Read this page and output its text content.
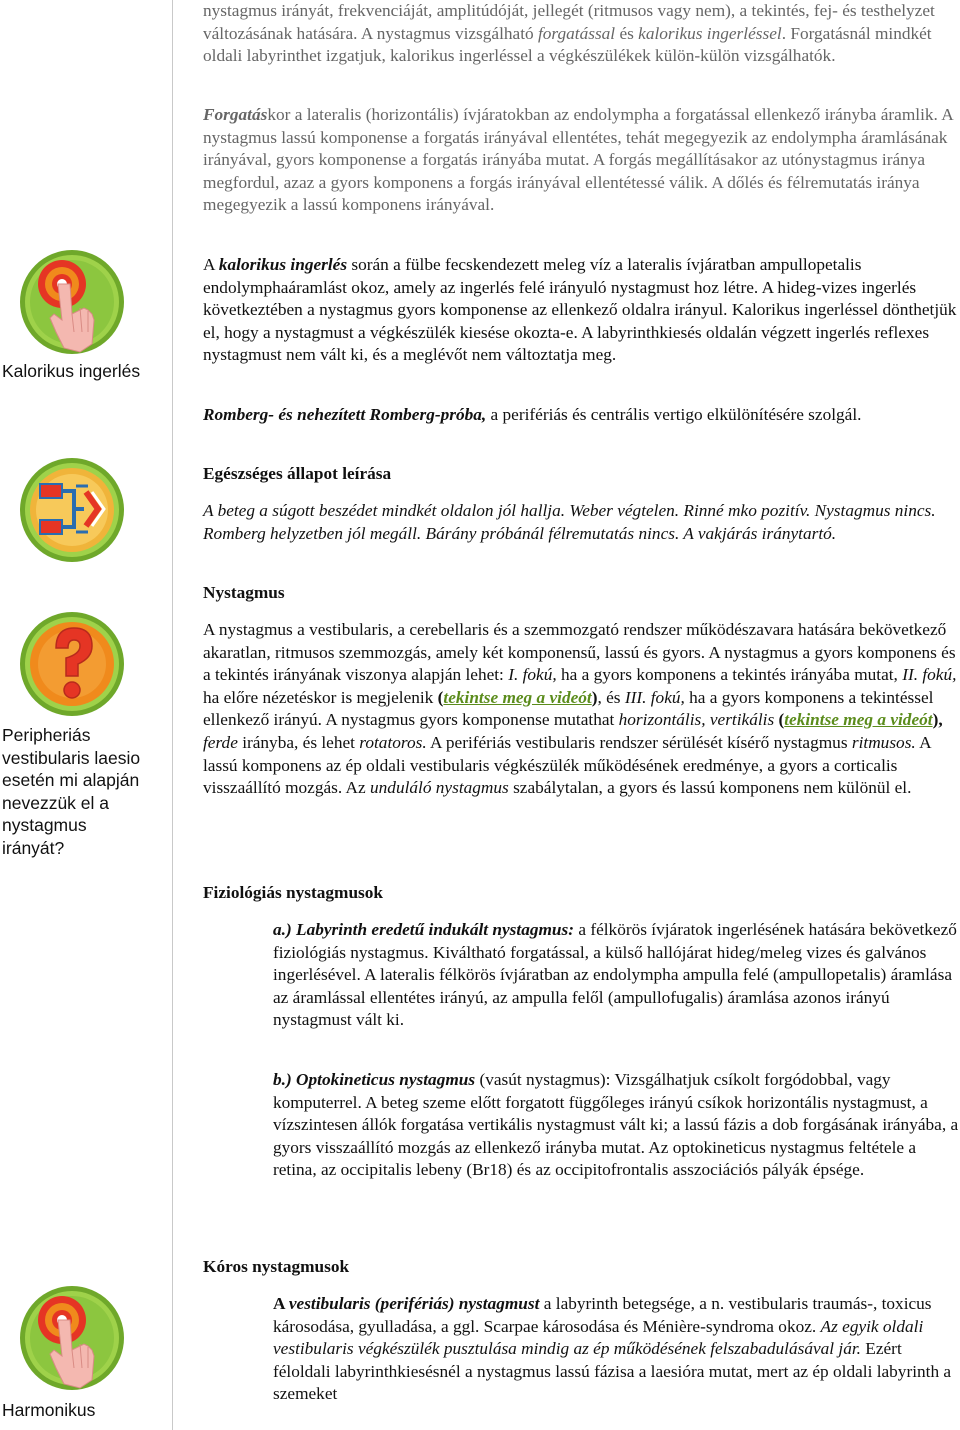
Kalorikus ingerlés
Peripheriás vestibularis laesio esetén mi alapján nevezzük el a nystagmus irányát?
Harmonikus

nystagmus irányát, frekvenciáját, amplitúdóját, jellegét (ritmusos vagy nem), a tekintés, fej- és testhelyzet változásának hatására. A nystagmus vizsgálható forgatással és kalorikus ingerléssel. Forgatásnál mindkét oldali labyrinthet izgatjuk, kalorikus ingerléssel a végkészülékek külön-külön vizsgálhatók.

Forgatáskor a lateralis (horizontális) ívjáratokban az endolympha a forgatással ellenkező irányba áramlik. A nystagmus lassú komponense a forgatás irányával ellentétes, tehát megegyezik az endolympha áramlásának irányával, gyors komponense a forgatás irányába mutat. A forgás megállításakor az utónystagmus iránya megfordul, azaz a gyors komponens a forgás irányával ellentétessé válik. A dőlés és félremutatás iránya megegyezik a lassú komponens irányával.

A kalorikus ingerlés során a fülbe fecskendezett meleg víz a lateralis ívjáratban ampullopetalis endolymphaáramlást okoz, amely az ingerlés felé irányuló nystagmust hoz létre. A hideg-vizes ingerlés következtében a nystagmus gyors komponense az ellenkező oldalra irányul. Kalorikus ingerléssel dönthetjük el, hogy a nystagmust a végkészülék kiesése okozta-e. A labyrinthkiesés oldalán végzett ingerlés reflexes nystagmust nem vált ki, és a meglévőt nem változtatja meg.

Romberg- és nehezített Romberg-próba, a perifériás és centrális vertigo elkülönítésére szolgál.

Egészséges állapot leírása

A beteg a súgott beszédet mindkét oldalon jól hallja. Weber végtelen. Rinné mko pozitív. Nystagmus nincs. Romberg helyzetben jól megáll. Bárány próbánál félremutatás nincs. A vakjárás iránytartó.

Nystagmus

A nystagmus a vestibularis, a cerebellaris és a szemmozgató rendszer működészavara hatására bekövetkező akaratlan, ritmusos szemmozgás, amely két komponensű, lassú és gyors. A nystagmus a gyors komponens és a tekintés irányának viszonya alapján lehet: I. fokú, ha a gyors komponens a tekintés irányába mutat, II. fokú, ha előre nézetéskor is megjelenik (tekintse meg a videót), és III. fokú, ha a gyors komponens a tekintéssel ellenkező irányú. A nystagmus gyors komponense mutathat horizontális, vertikális (tekintse meg a videót), ferde irányba, és lehet rotatoros. A perifériás vestibularis rendszer sérülését kísérő nystagmus ritmusos. A lassú komponens az ép oldali vestibularis végkészülék működésének eredménye, a gyors a corticalis visszaállító mozgás. Az unduláló nystagmus szabálytalan, a gyors és lassú komponens nem különül el.

Fiziológiás nystagmusok

a.) Labyrinth eredetű indukált nystagmus: a félkörös ívjáratok ingerlésének hatására bekövetkező fiziológiás nystagmus. Kiváltható forgatással, a külső hallójárat hideg/meleg vizes és galvános ingerlésével. A lateralis félkörös ívjáratban az endolympha ampulla felé (ampullopetalis) áramlása az áramlással ellentétes irányú, az ampulla felől (ampullofugalis) áramlása azonos irányú nystagmust vált ki.

b.) Optokineticus nystagmus (vasút nystagmus): Vizsgálhatjuk csíkolt forgódobbal, vagy komputerrel. A beteg szeme előtt forgatott függőleges irányú csíkok horizontális nystagmust, a vízszintesen állók forgatása vertikális nystagmust vált ki; a lassú fázis a dob forgásának irányába, a gyors visszaállító mozgás az ellenkező irányba mutat. Az optokineticus nystagmus feltétele a retina, az occipitalis lebeny (Br18) és az occipitofrontalis asszociációs pályák épsége.

Kóros nystagmusok

A vestibularis (perifériás) nystagmust a labyrinth betegsége, a n. vestibularis traumás-, toxicus károsodása, gyulladása, a ggl. Scarpae károsodása és Ménière-syndroma okoz. Az egyik oldali vestibularis végkészülék pusztulása mindig az ép működésének felszabadulásával jár. Ezért féloldali labyrinthkiesésnél a nystagmus lassú fázisa a laesióra mutat, mert az ép oldali labyrinth a szemeket
